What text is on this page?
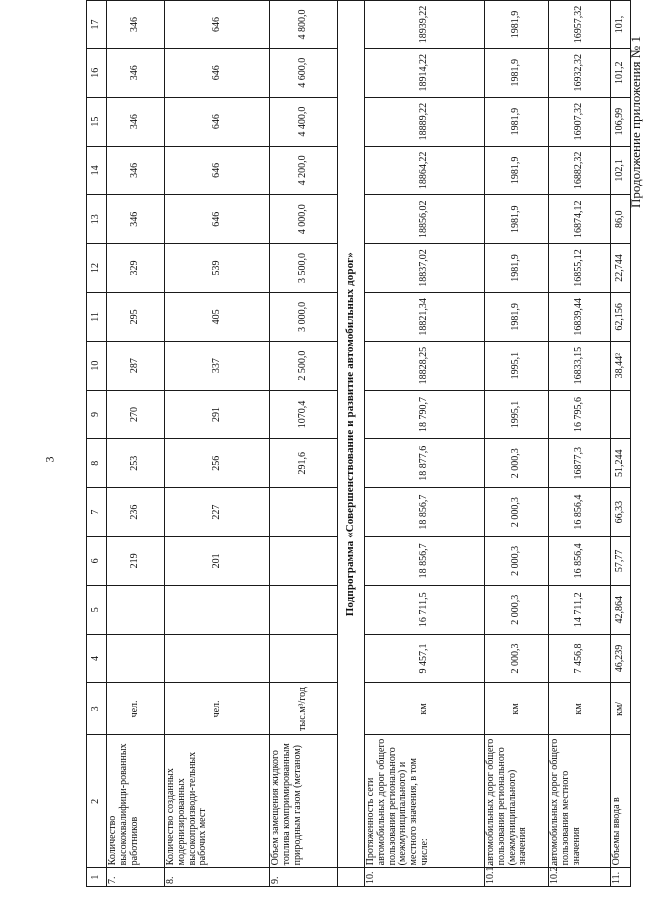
3
Продолжение приложения № 1
1	2	3	4	5	6	7	8	9	10	11	12	13	14	15	16	17
7.	Количество высококвалифици-рованных работников	чел.			219	236	253	270	287	295	329	346	346	346	346	346
8.	Количество созданных модернизированных высокопроизводи-тельных рабочих мест	чел.			201	227	256	291	337	405	539	646	646	646	646	646
9.	Объем замещения жидкого топлива компримированным природным газом (метаном)	тыс.м³/год					291,6	1070,4	2 500,0	3 000,0	3 500,0	4 000,0	4 200,0	4 400,0	4 600,0	4 800,0
	Подпрограмма «Совершенствование и развитие автомобильных дорог»															
10.	Протяженность сети автомобильных дорог общего пользования регионального (межмуниципального) и местного значения, в том числе:	км	9 457,1	16 711,5	18 856,7	18 856,7	18 877,6	18 790,7	18828,25	18821,34	18837,02	18856,02	18864,22	18889,22	18914,22	18939,22
10.1.	автомобильных дорог общего пользования регионального (межмуниципального) значения	км	2 000,3	2 000,3	2 000,3	2 000,3	2 000,3	1995,1	1995,1	1981,9	1981,9	1981,9	1981,9	1981,9	1981,9	1981,9
10.2.	автомобильных дорог общего пользования местного значения	км	7 456,8	14 711,2	16 856,4	16 856,4	16877,3	16 795,6	16833,15	16839,44	16855,12	16874,12	16882,32	16907,32	16932,32	16957,32
11.	Объемы ввода в	км/	46,239	42,864	57,77	66,33	51,244		38,44²	62,156	22,744	86,0	102,1	106,99	101,2	101,
